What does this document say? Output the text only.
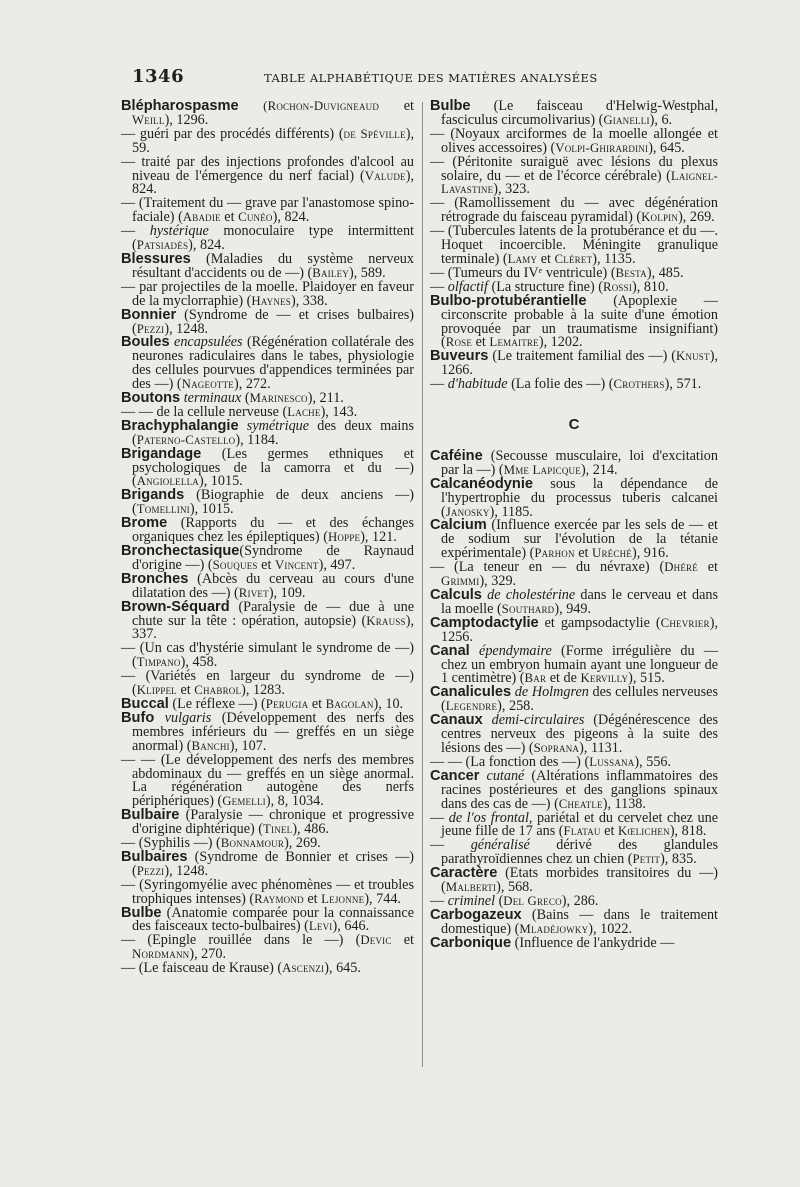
1346	TABLE ALPHABÉTIQUE DES MATIÈRES ANALYSÉES

Blépharospasme (Rochon-Duvigneaud et Weill), 1296.

— guéri par des procédés différents) (de Spéville), 59.

— traité par des injections profondes d'alcool au niveau de l'émergence du nerf facial) (Valude), 824.

— (Traitement du — grave par l'anastomose spino-faciale) (Abadie et Cunéo), 824.

— hystérique monoculaire type intermittent (Patsiadès), 824.

Blessures (Maladies du système nerveux résultant d'accidents ou de —) (Bailey), 589.

— par projectiles de la moelle. Plaidoyer en faveur de la myclorraphie) (Haynes), 338.

Bonnier (Syndrome de — et crises bulbaires) (Pezzi), 1248.

Boules encapsulées (Régénération collatérale des neurones radiculaires dans le tabes, physiologie des cellules pourvues d'appendices terminées par des —) (Nageotte), 272.

Boutons terminaux (Marinesco), 211.

— — de la cellule nerveuse (Lache), 143.

Brachyphalangie symétrique des deux mains (Paterno-Castello), 1184.

Brigandage (Les germes ethniques et psychologiques de la camorra et du —) (Angiolella), 1015.

Brigands (Biographie de deux anciens —) (Tomellini), 1015.

Brome (Rapports du — et des échanges organiques chez les épileptiques) (Hoppe), 121.

Bronchectasique(Syndrome de Raynaud d'origine —) (Souques et Vincent), 497.

Bronches (Abcès du cerveau au cours d'une dilatation des —) (Rivet), 109.

Brown-Séquard (Paralysie de — due à une chute sur la tête : opération, autopsie) (Krauss), 337.

— (Un cas d'hystérie simulant le syndrome de —) (Timpano), 458.

— (Variétés en largeur du syndrome de —) (Klippel et Chabrol), 1283.

Buccal (Le réflexe —) (Perugia et Bagolan), 10.

Bufo vulgaris (Développement des nerfs des membres inférieurs du — greffés en un siège anormal) (Banchi), 107.

— — (Le développement des nerfs des membres abdominaux du — greffés en un siège anormal. La régénération autogène des nerfs périphériques) (Gemelli), 8, 1034.

Bulbaire (Paralysie — chronique et progressive d'origine diphtérique) (Tinel), 486.

— (Syphilis —) (Bonnamour), 269.

Bulbaires (Syndrome de Bonnier et crises —) (Pezzi), 1248.

— (Syringomyélie avec phénomènes — et troubles trophiques intenses) (Raymond et Lejonne), 744.

Bulbe (Anatomie comparée pour la connaissance des faisceaux tecto-bulbaires) (Levi), 646.

— (Epingle rouillée dans le —) (Devic et Nordmann), 270.

— (Le faisceau de Krause) (Ascenzi), 645.

Bulbe (Le faisceau d'Helwig-Westphal, fasciculus circumolivarius) (Gianelli), 6.

— (Noyaux arciformes de la moelle allongée et olives accessoires) (Volpi-Ghirardini), 645.

— (Péritonite suraiguë avec lésions du plexus solaire, du — et de l'écorce cérébrale) (Laignel-Lavastine), 323.

— (Ramollissement du — avec dégénération rétrograde du faisceau pyramidal) (Kolpin), 269.

— (Tubercules latents de la protubérance et du —. Hoquet incoercible. Méningite granulique terminale) (Lamy et Cléret), 1135.

— (Tumeurs du IVᵉ ventricule) (Besta), 485.

— olfactif (La structure fine) (Rossi), 810.

Bulbo-protubérantielle (Apoplexie — circonscrite probable à la suite d'une émotion provoquée par un traumatisme insignifiant) (Rose et Lemaitre), 1202.

Buveurs (Le traitement familial des —) (Knust), 1266.

— d'habitude (La folie des —) (Crothers), 571.

C

Caféine (Secousse musculaire, loi d'excitation par la —) (Mme Lapicque), 214.

Calcanéodynie sous la dépendance de l'hypertrophie du processus tuberis calcanei (Janosky), 1185.

Calcium (Influence exercée par les sels de — et de sodium sur l'évolution de la tétanie expérimentale) (Parhon et Uréché), 916.

— (La teneur en — du névraxe) (Dhéré et Grimmi), 329.

Calculs de cholestérine dans le cerveau et dans la moelle (Southard), 949.

Camptodactylie et gampsodactylie (Chevrier), 1256.

Canal épendymaire (Forme irrégulière du — chez un embryon humain ayant une longueur de 1 centimètre) (Bar et de Kervilly), 515.

Canalicules de Holmgren des cellules nerveuses (Legendre), 258.

Canaux demi-circulaires (Dégénérescence des centres nerveux des pigeons à la suite des lésions des —) (Soprana), 1131.

— — (La fonction des —) (Lussana), 556.

Cancer cutané (Altérations inflammatoires des racines postérieures et des ganglions spinaux dans des cas de —) (Cheatle), 1138.

— de l'os frontal, pariétal et du cervelet chez une jeune fille de 17 ans (Flatau et Kœlichen), 818.

— généralisé dérivé des glandules parathyroïdiennes chez un chien (Petit), 835.

Caractère (Etats morbides transitoires du —) (Malberti), 568.

— criminel (Del Greco), 286.

Carbogazeux (Bains — dans le traitement domestique) (Mladéjowky), 1022.

Carbonique (Influence de l'ankydride —
